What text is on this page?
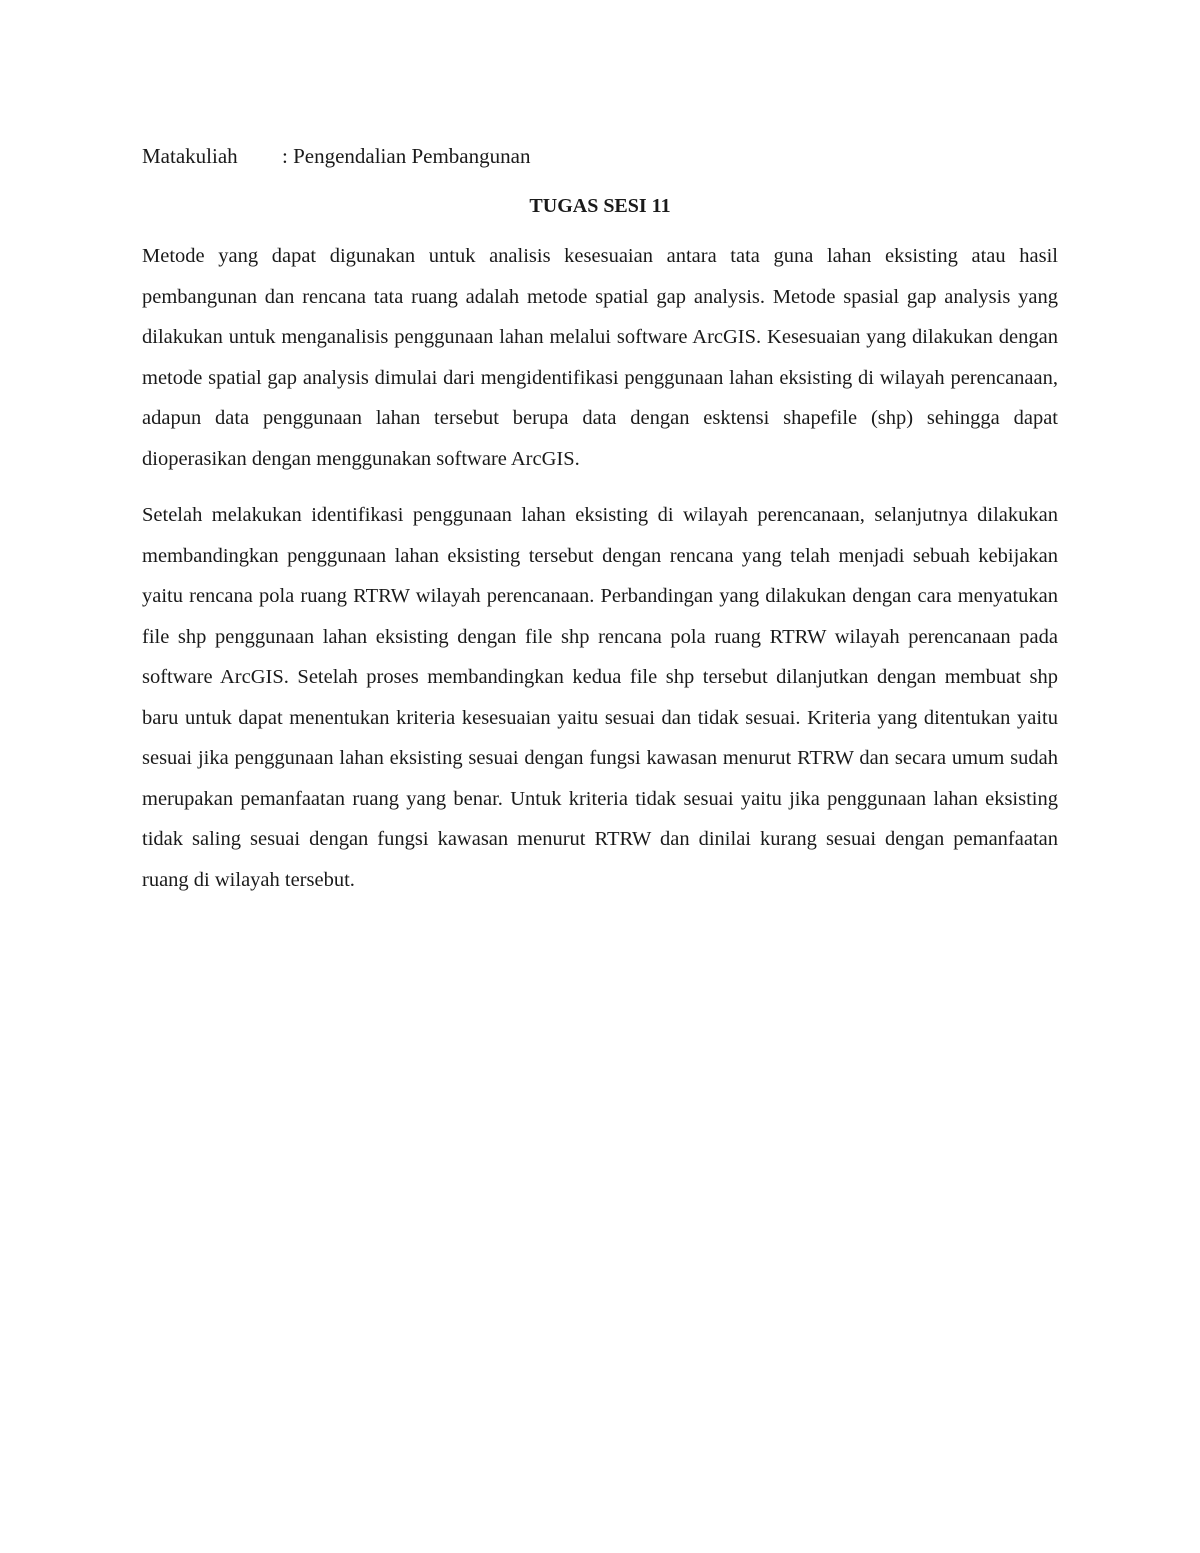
Matakuliah : Pengendalian Pembangunan

TUGAS SESI 11

Metode yang dapat digunakan untuk analisis kesesuaian antara tata guna lahan eksisting atau hasil pembangunan dan rencana tata ruang adalah metode spatial gap analysis. Metode spasial gap analysis yang dilakukan untuk menganalisis penggunaan lahan melalui software ArcGIS. Kesesuaian yang dilakukan dengan metode spatial gap analysis dimulai dari mengidentifikasi penggunaan lahan eksisting di wilayah perencanaan, adapun data penggunaan lahan tersebut berupa data dengan esktensi shapefile (shp) sehingga dapat dioperasikan dengan menggunakan software ArcGIS.

Setelah melakukan identifikasi penggunaan lahan eksisting di wilayah perencanaan, selanjutnya dilakukan membandingkan penggunaan lahan eksisting tersebut dengan rencana yang telah menjadi sebuah kebijakan yaitu rencana pola ruang RTRW wilayah perencanaan. Perbandingan yang dilakukan dengan cara menyatukan file shp penggunaan lahan eksisting dengan file shp rencana pola ruang RTRW wilayah perencanaan pada software ArcGIS. Setelah proses membandingkan kedua file shp tersebut dilanjutkan dengan membuat shp baru untuk dapat menentukan kriteria kesesuaian yaitu sesuai dan tidak sesuai. Kriteria yang ditentukan yaitu sesuai jika penggunaan lahan eksisting sesuai dengan fungsi kawasan menurut RTRW dan secara umum sudah merupakan pemanfaatan ruang yang benar. Untuk kriteria tidak sesuai yaitu jika penggunaan lahan eksisting tidak saling sesuai dengan fungsi kawasan menurut RTRW dan dinilai kurang sesuai dengan pemanfaatan ruang di wilayah tersebut.
